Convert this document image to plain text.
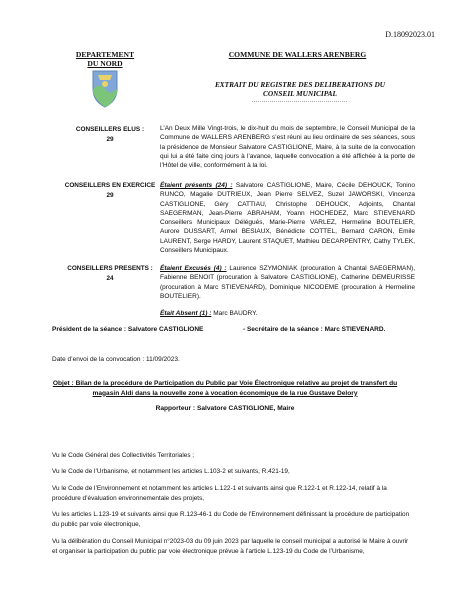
D.18092023.01
DEPARTEMENT
DU NORD
COMMUNE DE WALLERS ARENBERG
EXTRAIT DU REGISTRE DES DELIBERATIONS DU
CONSEIL MUNICIPAL
................................................
CONSEILLERS ELUS :
29
L’An Deux Mille Vingt-trois, le dix-huit du mois de septembre, le Conseil Municipal de la Commune de WALLERS ARENBERG s’est réuni au lieu ordinaire de ses séances, sous la présidence de Monsieur Salvatore CASTIGLIONE, Maire, à la suite de la convocation qui lui a été faite cinq jours à l’avance, laquelle convocation a été affichée à la porte de l’Hôtel de ville, conformément à la loi.
CONSEILLERS EN EXERCICE
29
Étaient présents (24) : Salvatore CASTIGLIONE, Maire, Cécile DEHOUCK, Tonino RUNCO, Magalie DUTRIEUX, Jean Pierre SELVEZ, Suzel JAWORSKI, Vincenza CASTIGLIONE, Géry CATTIAU, Christophe DEHOUCK, Adjoints, Chantal SAEGERMAN, Jean-Pierre ABRAHAM, Yoann HOCHEDEZ, Marc STIEVENARD Conseillers Municipaux Délégués, Marie-Pierre VARLEZ, Hermeline BOUTELIER, Aurore DUSSART, Armel BESIAUX, Bénédicte COTTEL, Bernard CARON, Emile LAURENT, Serge HARDY, Laurent STAQUET, Mathieu DECARPENTRY, Cathy TYLEK, Conseillers Municipaux.
CONSEILLERS PRESENTS :
24
Étaient Excusés (4) : Laurence SZYMONIAK (procuration à Chantal SAEGERMAN), Fabienne BENOIT (procuration à Salvatore CASTIGLIONE), Catherine DEMEURISSE (procuration à Marc STIEVENARD), Dominique NICODEME (procuration à Hermeline BOUTELIER).
Était Absent (1) : Marc BAUDRY.
Président de la séance : Salvatore CASTIGLIONE	- Secrétaire de la séance : Marc STIEVENARD.
Date d’envoi de la convocation : 11/09/2023.
Objet : Bilan de la procédure de Participation du Public par Voie Électronique relative au projet de transfert du
magasin Aldi dans la nouvelle zone à vocation économique de la rue Gustave Delory
Rapporteur : Salvatore CASTIGLIONE, Maire
Vu le Code Général des Collectivités Territoriales ;
Vu le Code de l’Urbanisme, et notamment les articles L.103-2 et suivants, R.421-19,
Vu le Code de l’Environnement et notamment les articles L.122-1 et suivants ainsi que R.122-1 et R.122-14, relatif à la procédure d’évaluation environnementale des projets,
Vu les articles L.123-19 et suivants ainsi que R.123-46-1 du Code de l’Environnement définissant la procédure de participation du public par voie électronique,
Vu la délibération du Conseil Municipal n°2023-03 du 09 juin 2023 par laquelle le conseil municipal a autorisé le Maire à ouvrir et organiser la participation du public par voie électronique prévue à l’article L.123-19 du Code de l’Urbanisme,
